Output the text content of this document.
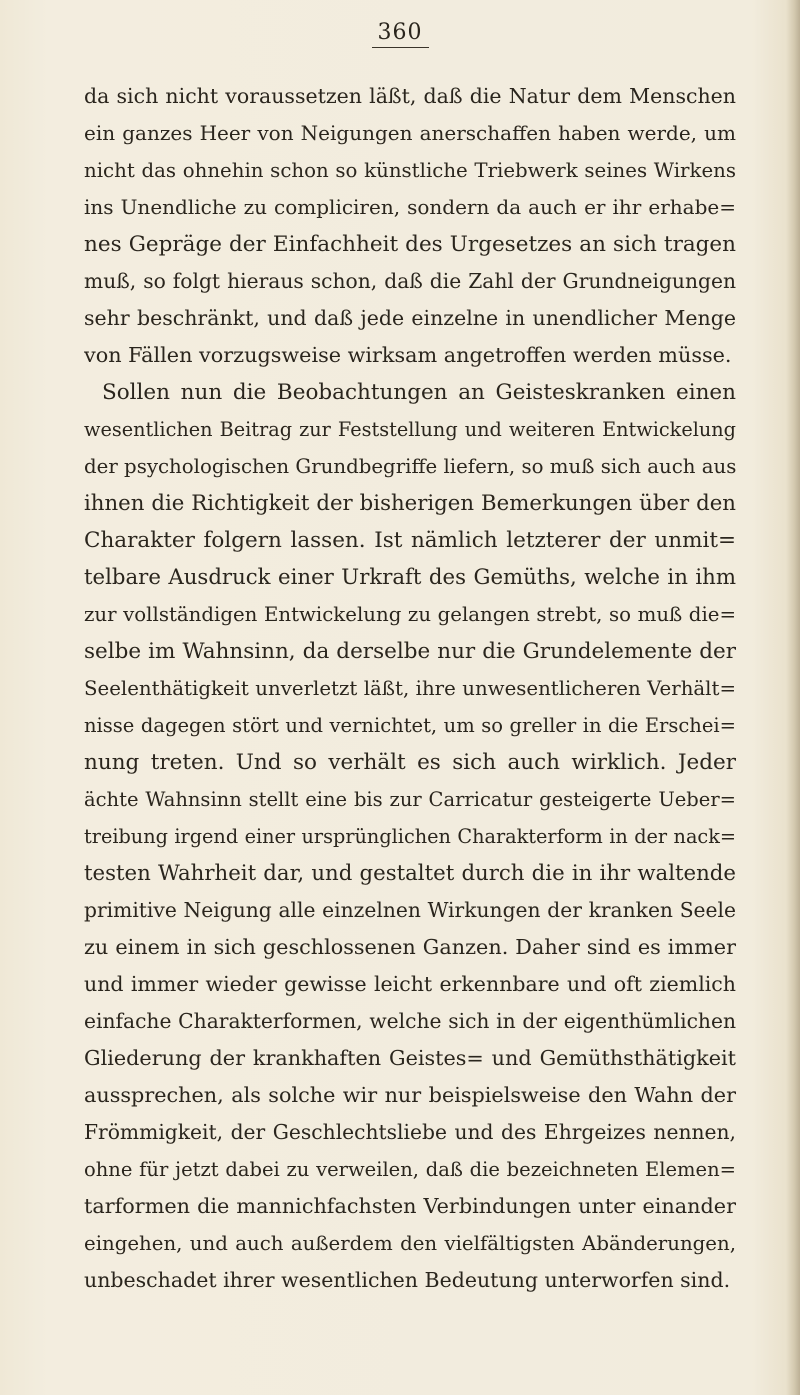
360
da sich nicht voraussetzen läßt, daß die Natur dem Menschen
ein ganzes Heer von Neigungen anerschaffen haben werde, um
nicht das ohnehin schon so künstliche Triebwerk seines Wirkens
ins Unendliche zu compliciren, sondern da auch er ihr erhabe=
nes Gepräge der Einfachheit des Urgesetzes an sich tragen
muß, so folgt hieraus schon, daß die Zahl der Grundneigungen
sehr beschränkt, und daß jede einzelne in unendlicher Menge
von Fällen vorzugsweise wirksam angetroffen werden müsse.
Sollen nun die Beobachtungen an Geisteskranken einen
wesentlichen Beitrag zur Feststellung und weiteren Entwickelung
der psychologischen Grundbegriffe liefern, so muß sich auch aus
ihnen die Richtigkeit der bisherigen Bemerkungen über den
Charakter folgern lassen. Ist nämlich letzterer der unmit=
telbare Ausdruck einer Urkraft des Gemüths, welche in ihm
zur vollständigen Entwickelung zu gelangen strebt, so muß die=
selbe im Wahnsinn, da derselbe nur die Grundelemente der
Seelenthätigkeit unverletzt läßt, ihre unwesentlicheren Verhält=
nisse dagegen stört und vernichtet, um so greller in die Erschei=
nung treten. Und so verhält es sich auch wirklich. Jeder
ächte Wahnsinn stellt eine bis zur Carricatur gesteigerte Ueber=
treibung irgend einer ursprünglichen Charakterform in der nack=
testen Wahrheit dar, und gestaltet durch die in ihr waltende
primitive Neigung alle einzelnen Wirkungen der kranken Seele
zu einem in sich geschlossenen Ganzen. Daher sind es immer
und immer wieder gewisse leicht erkennbare und oft ziemlich
einfache Charakterformen, welche sich in der eigenthümlichen
Gliederung der krankhaften Geistes= und Gemüthsthätigkeit
aussprechen, als solche wir nur beispielsweise den Wahn der
Frömmigkeit, der Geschlechtsliebe und des Ehrgeizes nennen,
ohne für jetzt dabei zu verweilen, daß die bezeichneten Elemen=
tarformen die mannichfachsten Verbindungen unter einander
eingehen, und auch außerdem den vielfältigsten Abänderungen,
unbeschadet ihrer wesentlichen Bedeutung unterworfen sind.
